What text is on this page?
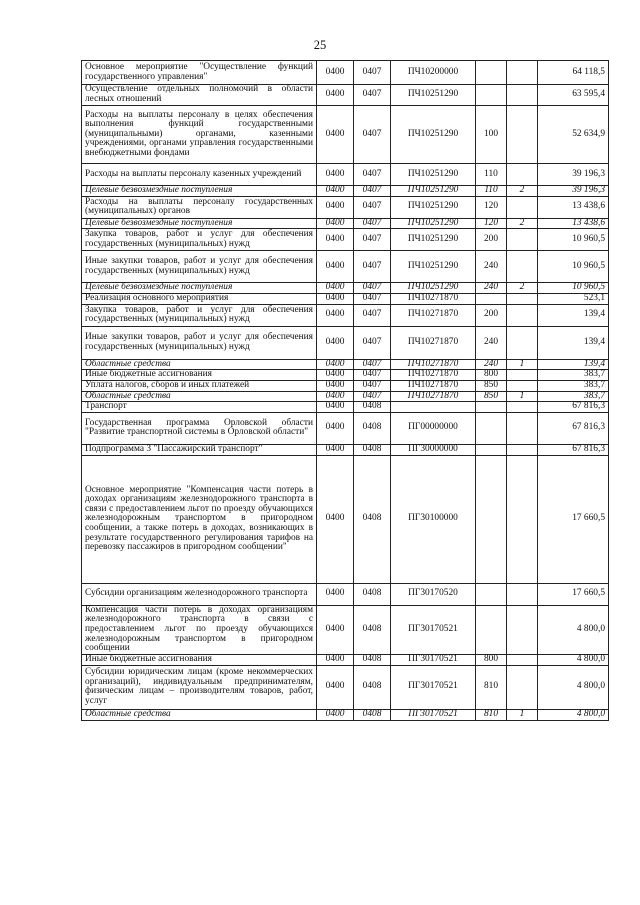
25
Основное мероприятие "Осуществление функций государственного управления"	0400	0407	ПЧ10200000			64 118,5
Осуществление отдельных полномочий в области лесных отношений	0400	0407	ПЧ10251290			63 595,4
Расходы на выплаты персоналу в целях обеспечения выполнения функций государственными (муниципальными) органами, казенными учреждениями, органами управления государственными внебюджетными фондами	0400	0407	ПЧ10251290	100		52 634,9
Расходы на выплаты персоналу казенных учреждений	0400	0407	ПЧ10251290	110		39 196,3
Целевые безвозмездные поступления	0400	0407	ПЧ10251290	110	2	39 196,3
Расходы на выплаты персоналу государственных (муниципальных) органов	0400	0407	ПЧ10251290	120		13 438,6
Целевые безвозмездные поступления	0400	0407	ПЧ10251290	120	2	13 438,6
Закупка товаров, работ и услуг для обеспечения государственных (муниципальных) нужд	0400	0407	ПЧ10251290	200		10 960,5
Иные закупки товаров, работ и услуг для обеспечения государственных (муниципальных) нужд	0400	0407	ПЧ10251290	240		10 960,5
Целевые безвозмездные поступления	0400	0407	ПЧ10251290	240	2	10 960,5
Реализация основного мероприятия	0400	0407	ПЧ10271870			523,1
Закупка товаров, работ и услуг для обеспечения государственных (муниципальных) нужд	0400	0407	ПЧ10271870	200		139,4
Иные закупки товаров, работ и услуг для обеспечения государственных (муниципальных) нужд	0400	0407	ПЧ10271870	240		139,4
Областные средства	0400	0407	ПЧ10271870	240	1	139,4
Иные бюджетные ассигнования	0400	0407	ПЧ10271870	800		383,7
Уплата налогов, сборов и иных платежей	0400	0407	ПЧ10271870	850		383,7
Областные средства	0400	0407	ПЧ10271870	850	1	383,7
Транспорт	0400	0408				67 816,3
Государственная программа Орловской области "Развитие транспортной системы в Орловской области"	0400	0408	ПГ00000000			67 816,3
Подпрограмма 3 "Пассажирский транспорт"	0400	0408	ПГ30000000			67 816,3
Основное мероприятие "Компенсация части потерь в доходах организациям железнодорожного транспорта в связи с предоставлением льгот по проезду обучающихся железнодорожным транспортом в пригородном сообщении, а также потерь в доходах, возникающих в результате государственного регулирования тарифов на перевозку пассажиров в пригородном сообщении"	0400	0408	ПГ30100000			17 660,5
Субсидии организациям железнодорожного транспорта	0400	0408	ПГ30170520			17 660,5
Компенсация части потерь в доходах организациям железнодорожного транспорта в связи с предоставлением льгот по проезду обучающихся железнодорожным транспортом в пригородном сообщении	0400	0408	ПГ30170521			4 800,0
Иные бюджетные ассигнования	0400	0408	ПГ30170521	800		4 800,0
Субсидии юридическим лицам (кроме некоммерческих организаций), индивидуальным предпринимателям, физическим лицам – производителям товаров, работ, услуг	0400	0408	ПГ30170521	810		4 800,0
Областные средства	0400	0408	ПГ30170521	810	1	4 800,0
